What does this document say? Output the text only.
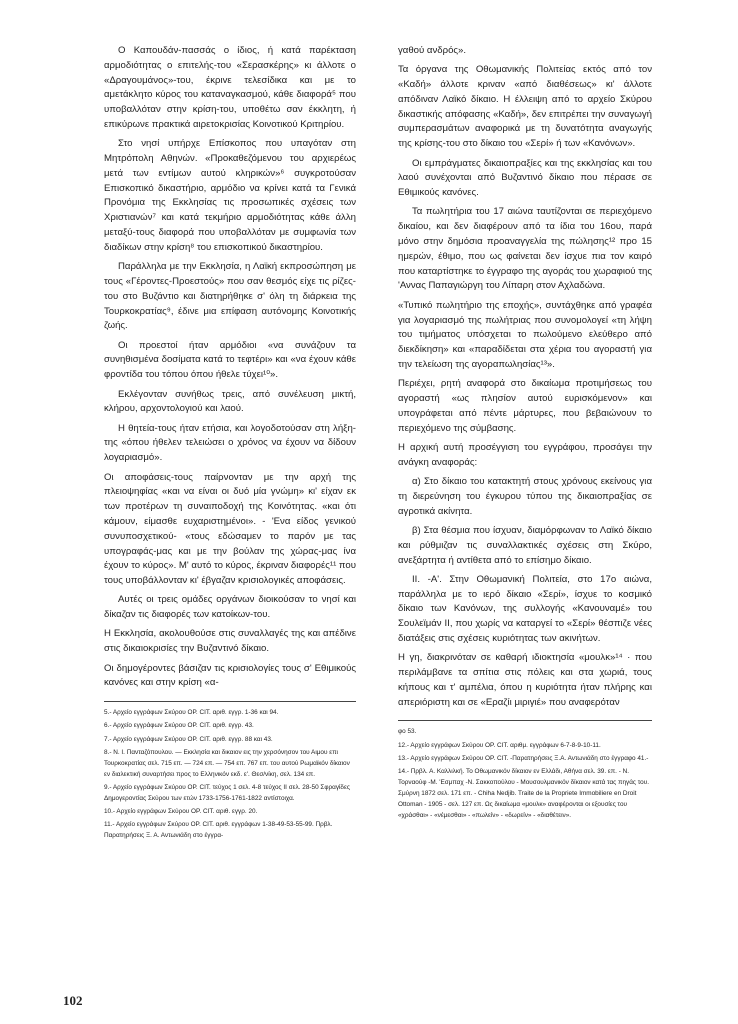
Ο Καπουδάν-πασσάς ο ίδιος, ή κατά παρέκταση αρμοδιότητας ο επιτελής-του «Σερασκέρης» κι άλλοτε ο «Δραγουμάνος»-του, έκριvε τελεσίδικα και με το αμετάκλητο κύρος του καταναγκασμού, κάθε διαφορά⁵ που υποβαλλόταν στην κρίση-του, υποθέτω σαν έκκλητη, ή επικύρωνε πρακτικά αιρετοκρισίας Κοινοτικού Κριτηρίου.

Στο νησί υπήρχε Επίσκοπος που υπαγόταν στη Μητρόπολη Αθηνών. «Προκαθεζόμενου του αρχιερέως μετά των εντίμων αυτού κληρικών»⁶ συγκροτούσαν Επισκοπικό δικαστήριο, αρμόδιο να κρίνει κατά τα Γενικά Προνόμια της Εκκλησίας τις προσωπικές σχέσεις των Χριστιανών⁷ και κατά τεκμήριο αρμοδιότητας κάθε άλλη μεταξύ-τους διαφορά που υποβαλλόταν με συμφωνία των διαδίκων στην κρίση⁸ του επισκοπικού δικαστηρίου.

Παράλληλα με την Εκκλησία, η Λαϊκή εκπροσώπηση με τους «Γέροντες-Προεστούς» που σαν θεσμός είχε τις ρίζες-του στο Βυζάντιο και διατηρήθηκε σ' όλη τη διάρκεια της Τουρκοκρατίας⁹, έδινε μια επίφαση αυτόνομης Κοινοτικής ζωής.

Οι προεστοί ήταν αρμόδιοι «να συνάζουν τα συνηθισμένα δοσίματα κατά το τεφτέρι» και «να έχουν κάθε φροντίδα του τόπου όπου ήθελε τύχει¹⁰».

Εκλέγονταν συνήθως τρεις, από συνέλευση μικτή, κλήρου, αρχοντολογιού και λαού.

Η θητεία-τους ήταν ετήσια, και λογοδοτούσαν στη λήξη-της «όπου ήθελεν τελειώσει ο χρόνος να έχουν να δίδουν λογαριασμό».

Οι αποφάσεις-τους παίρνονταν με την αρχή της πλειοψηφίας «και να είναι οι δυό μία γνώμη» κι' είχαν εκ των προτέρων τη συναιποδοχή της Κοινότητας. «και ότι κάμουν, είμασθε ευχαριστημένοι». - 'Ενα είδος γενικού συνυποσχετικού- «τους εδώσαμεν το παρόν με τας υπογραφάς-μας και με την βούλαν της χώρας-μας ίνα έχουν το κύρος». Μ' αυτό το κύρος, έκριναν διαφορές¹¹ που τους υποβάλλονταν κι' έβγαζαν κρισιολογικές αποφάσεις.

Αυτές οι τρεις ομάδες οργάνων διοικούσαν το νησί και δίκαζαν τις διαφορές των κατοίκων-του.

Η Εκκλησία, ακολουθούσε στις συναλλαγές της και απέδινε στις δικαιοκρισίες την Βυζαντινό δίκαιο.

Οι δημογέροντες βάσιζαν τις κρισιολογίες τους σ' Εθιμικούς κανόνες και στην κρίση «α-

5.- Αρχείο εγγράφων Σκύρου ΟΡ. CIT. αριθ. εγγρ. 1-36 και 94.
6.- Αρχείο εγγράφων Σκύρου ΟΡ. CIT. αριθ. εγγρ. 43.
7.- Αρχείο εγγράφων Σκύρου ΟΡ. CIT. αριθ. εγγρ. 88 και 43.
8.- Ν. Ι. Πανταζόπουλου. — Εκκλησία και δικαιον εις την χερσόνησον του Αιμου επι Τουρκοκρατίας σελ. 715 επ. — 724 επ. — 754 επ. 767 επ. του αυτού Ρωμαϊκόν δίκαιον εν διαλεκτική συναρτήσει προς το Ελληνικόν εκδ. ε'. Θεσ/νίκη, σελ. 134 επ.
9.- Αρχείο εγγράφων Σκύρου ΟΡ. CIT. τεύχος 1 σελ. 4-8 τεύχος ΙΙ σελ. 28-50 Σφραγίδες Δημογεροντίας Σκύρου των ετών 1733-1756-1761-1822 αντίστοιχα.
10.- Αρχείο εγγράφων Σκύρου ΟΡ. CIT. αριθ. εγγρ. 20.
11.- Αρχείο εγγράφων Σκύρου ΟΡ. CIT. αριθ. εγγράφων 1-38-49-53-55-99. Πρβλ. Παρατηρήσεις Ξ. Α. Αντωνιάδη στο έγγρα-

γαθού ανδρός».

Τα όργανα της Οθωμανικής Πολιτείας εκτός από τον «Καδή» άλλοτε κριναν «από διαθέσεως» κι' άλλοτε απόδιναν Λαϊκό δίκαιο. Η έλλειψη από το αρχείο Σκύρου δικαστικής απόφασης «Καδή», δεν επιτρέπει την συναγωγή συμπερασμάτων αναφορικά με τη δυνατότητα αναγωγής της κρίσης-του στο δίκαιο του «Σερί» ή των «Κανόνων».

Οι εμπράγματες δικαιοπραξίες και της εκκλησίας και του λαού συνέχονται από Βυζαντινό δίκαιο που πέρασε σε Εθιμικούς κανόνες.

Τα πωλητήρια του 17 αιώνα ταυτίζονται σε περιεχόμενο δικαίου, και δεν διαφέρουν από τα ίδια του 16ου, παρά μόνο στην δημόσια προαναγγελία της πώλησης¹² προ 15 ημερών, έθιμο, που ως φαίνεται δεν ίσχυε πια τον καιρό που καταρτίστηκε το έγγραφο της αγοράς του χωραφιού της 'Αννας Παπαγιώργη του Λίπαρη στον Αχλαδώνα.

«Τυπικό πωλητήριο της εποχής», συντάχθηκε από γραφέα για λογαριασμό της πωλήτριας που συνομολογεί «τη λήψη του τιμήματος υπόσχεται το πωλούμενο ελεύθερο από διεκδίκηση» και «παραδίδεται στα χέρια του αγοραστή για την τελείωση της αγοραπωλησίας¹³».

Περιέχει, ρητή αναφορά στο δικαίωμα προτιμήσεως του αγοραστή «ως πλησίον αυτού ευρισκόμενον» και υπογράφεται από πέντε μάρτυρες, που βεβαιώνουν το περιεχόμενο της σύμβασης.

Η αρχική αυτή προσέγγιση του εγγράφου, προσάγει την ανάγκη αναφοράς:

α) Στο δίκαιο του κατακτητή στους χρόνους εκείνους για τη διερεύνηση του έγκυρου τύπου της δικαιοπραξίας σε αγροτικά ακίνητα.

β) Στα θέσμια που ίσχυαν, διαμόρφωναν το Λαϊκό δίκαιο και ρύθμιζαν τις συναλλακτικές σχέσεις στη Σκύρο, ανεξάρτητα ή αντίθετα από το επίσημο δίκαιο.

ΙΙ. -Α'. Στην Οθωμανική Πολιτεία, στο 17ο αιώνα, παράλληλα με το ιερό δίκαιο «Σερί», ίσχυε το κοσμικό δίκαιο των Κανόνων, της συλλογής «Κανουναμέ» του Σουλεϊμάν ΙΙ, που χωρίς να καταργεί το «Σερί» θέσπιζε νέες διατάξεις στις σχέσεις κυριότητας των ακινήτων.

Η γη, διακρινόταν σε καθαρή ιδιοκτησία «μουλκ»¹⁴ · που περιλάμβανε τα σπίτια στις πόλεις και στα χωριά, τους κήπους και τ' αμπέλια, όπου η κυριότητα ήταν πλήρης και απεριόριστη και σε «Εραζίι μιριγιέ» που αναφερόταν

φο 53.
12.- Αρχείο εγγράφων Σκύρου ΟΡ. CIT. αριθμ. εγγράφων 6-7-8-9-10-11.
13.- Αρχείο εγγράφων Σκύρου ΟΡ. CIT. -Παρατηρήσεις Ξ.Α. Αντωνιάδη στο έγγραφο 41.-
14.- Πρβλ. Α. Καλλιλκή. Το Οθωμανικόν δίκαιον εν Ελλάδι, Αθήνα σελ. 39. επ. - Ν. Τορναούφ -Μ. 'Εσμπαχ -Ν. Σακκοπούλου - Μουσουλμανικόν δίκαιον κατά τας πηγάς του. Σμύρνη 1872 σελ. 171 επ. - Chiha Nedjib. Traite de la Propriete Immobiliere en Droit Ottoman - 1905 - σελ. 127 επ. Ως δικαίωμα «μουλκ» αναφέρονται οι εξουσίες του «χράσθαι» - «νέμεσθαι» - «πωλείν» - «δωρείν» - «διαθέτειν».
102
